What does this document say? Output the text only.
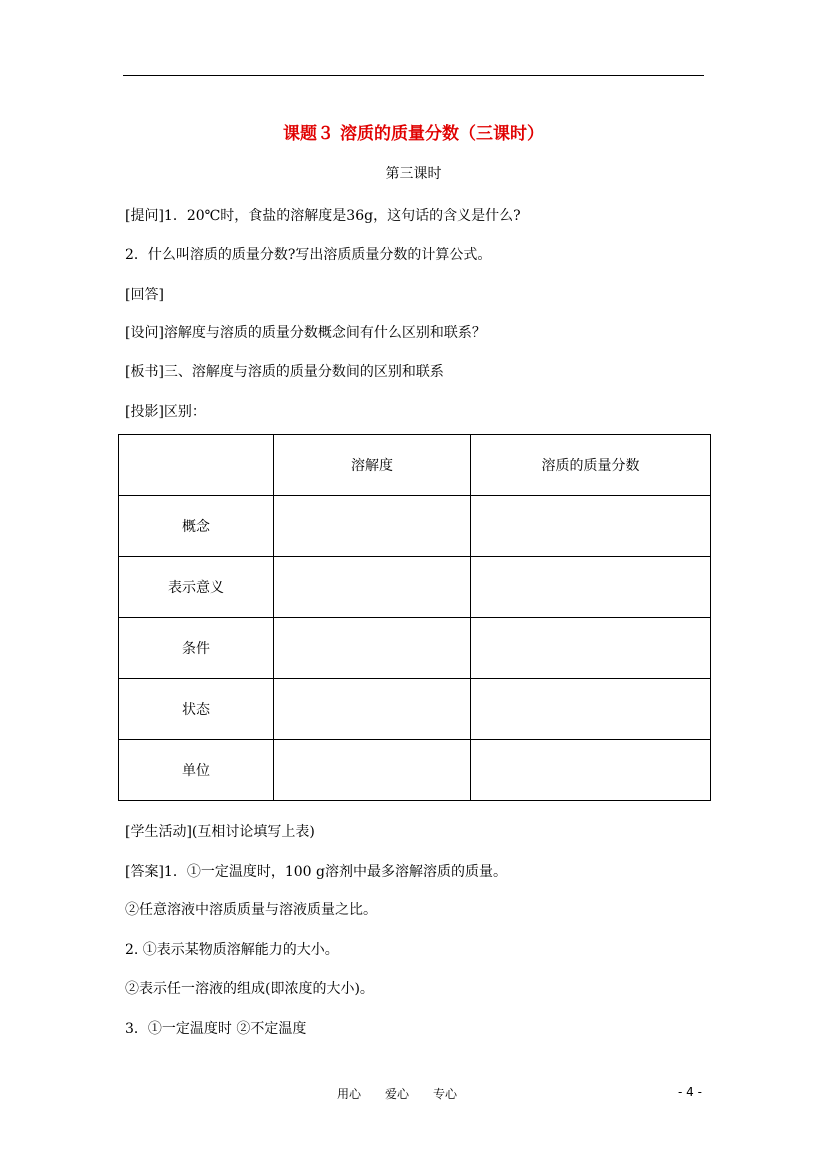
课题３ 溶质的质量分数（三课时）
第三课时
[提问]1．20℃时，食盐的溶解度是36g，这句话的含义是什么?
2．什么叫溶质的质量分数?写出溶质质量分数的计算公式。
[回答]
[设问]溶解度与溶质的质量分数概念间有什么区别和联系？
[板书]三、溶解度与溶质的质量分数间的区别和联系
[投影]区别：
	溶解度	溶质的质量分数
概念		
表示意义		
条件		
状态		
单位		
[学生活动](互相讨论填写上表)
[答案]1．①一定温度时，100 g溶剂中最多溶解溶质的质量。
②任意溶液中溶质质量与溶液质量之比。
2. ①表示某物质溶解能力的大小。
②表示任一溶液的组成(即浓度的大小)。
3．①一定温度时 ②不定温度
用心　　爱心　　专心	- 4 -
